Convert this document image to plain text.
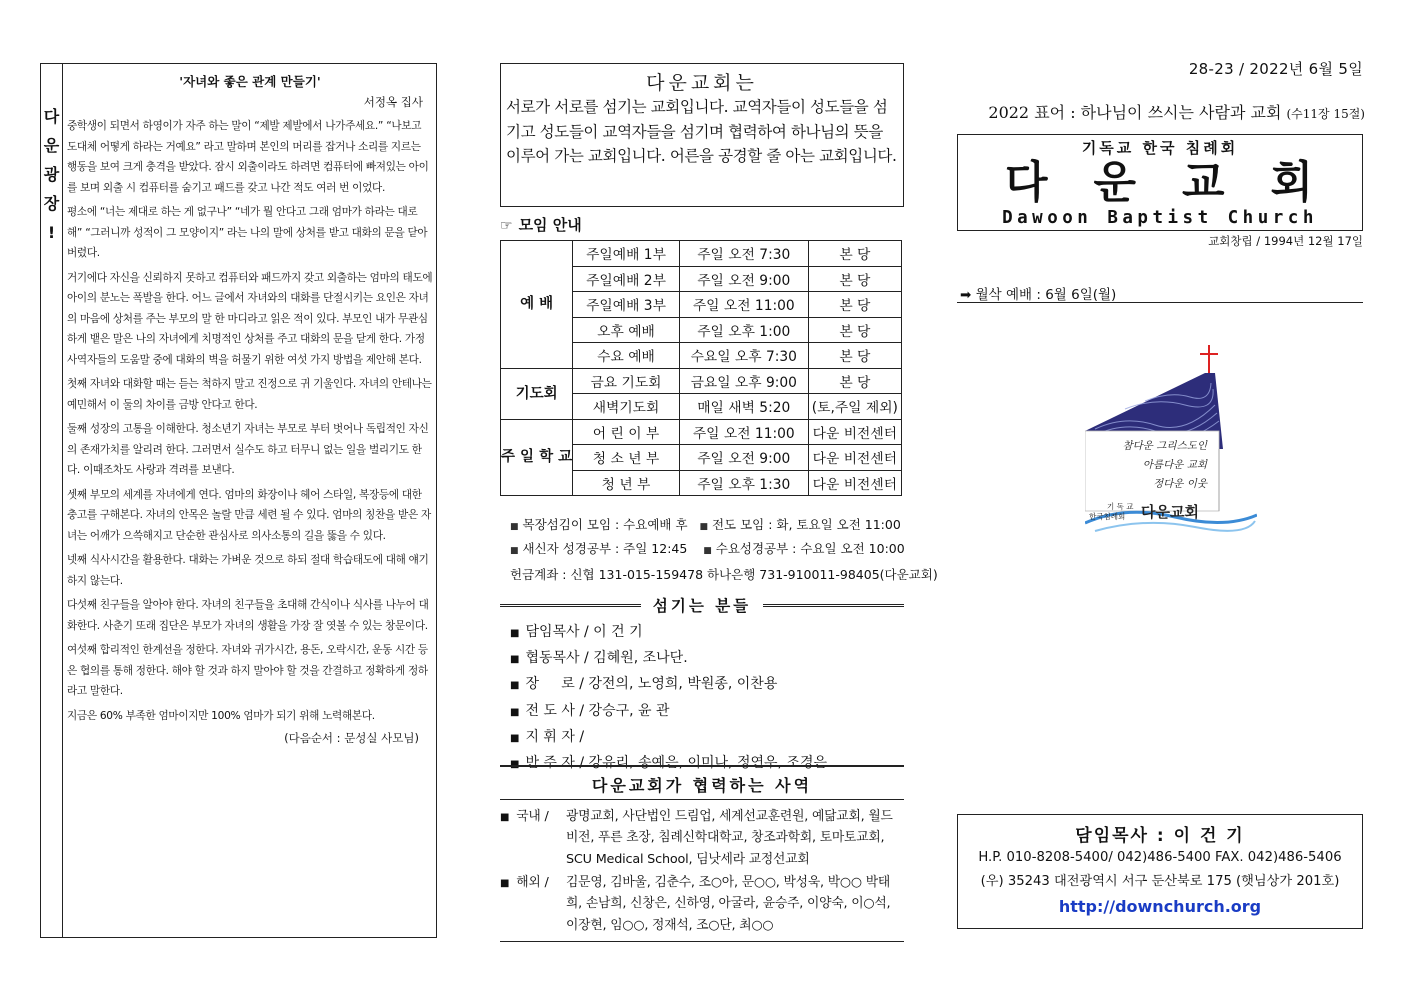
다
운
광
장
!
'자녀와 좋은 관계 만들기'
서정옥 집사

중학생이 되면서 하영이가 자주 하는 말이 “제발 제발에서 나가주세요.” “나보고 도대체 어떻게 하라는 거예요” 라고 말하며 본인의 머리를 잡거나 소리를 지르는 행동을 보여 크게 충격을 받았다. 잠시 외출이라도 하려면 컴퓨터에 빠져있는 아이를 보며 외출 시 컴퓨터를 숨기고 패드를 갖고 나간 적도 여러 번 이었다.

평소에 “너는 제대로 하는 게 없구나” “네가 뭘 안다고 그래 엄마가 하라는 대로 해” “그러니까 성적이 그 모양이지” 라는 나의 말에 상처를 받고 대화의 문을 닫아버렸다.

거기에다 자신을 신뢰하지 못하고 컴퓨터와 패드까지 갖고 외출하는 엄마의 태도에 아이의 분노는 폭발을 한다. 어느 글에서 자녀와의 대화를 단절시키는 요인은 자녀의 마음에 상처를 주는 부모의 말 한 마디라고 읽은 적이 있다. 부모인 내가 무관심하게 뱉은 말은 나의 자녀에게 치명적인 상처를 주고 대화의 문을 닫게 한다. 가정사역자들의 도움말 중에 대화의 벽을 허물기 위한 여섯 가지 방법을 제안해 본다.

첫째 자녀와 대화할 때는 듣는 척하지 말고 진정으로 귀 기울인다. 자녀의 안테나는 예민해서 이 둘의 차이를 금방 안다고 한다.

둘째 성장의 고통을 이해한다. 청소년기 자녀는 부모로 부터 벗어나 독립적인 자신의 존재가치를 알리려 한다. 그러면서 실수도 하고 터무니 없는 일을 벌리기도 한다. 이때조차도 사랑과 격려를 보낸다.

셋째 부모의 세계를 자녀에게 연다. 엄마의 화장이나 헤어 스타일, 복장등에 대한 충고를 구해본다. 자녀의 안목은 놀랄 만큼 세련 될 수 있다. 엄마의 칭찬을 받은 자녀는 어깨가 으쓱해지고 단순한 관심사로 의사소통의 길을 뚫을 수 있다.

넷째 식사시간을 활용한다. 대화는 가벼운 것으로 하되 절대 학습태도에 대해 얘기하지 않는다.

다섯째 친구들을 알아야 한다. 자녀의 친구들을 초대해 간식이나 식사를 나누어 대화한다. 사춘기 또래 집단은 부모가 자녀의 생활을 가장 잘 엿볼 수 있는 창문이다.

여섯째 합리적인 한계선을 정한다. 자녀와 귀가시간, 용돈, 오락시간, 운동 시간 등은 협의를 통해 정한다. 해야 할 것과 하지 말아야 할 것을 간결하고 정확하게 정하라고 말한다.

지금은 60% 부족한 엄마이지만 100% 엄마가 되기 위해 노력해본다.

(다음순서 : 문성실 사모님)
다운교회는
서로가 서로를 섬기는 교회입니다. 교역자들이 성도들을 섬기고 성도들이 교역자들을 섬기며 협력하여 하나님의 뜻을 이루어 가는 교회입니다. 어른을 공경할 줄 아는 교회입니다.
☞ 모임 안내
예 배	주일예배 1부	주일 오전 7:30	본 당
	주일예배 2부	주일 오전 9:00	본 당
	주일예배 3부	주일 오전 11:00	본 당
	오후 예배	주일 오후 1:00	본 당
	수요 예배	수요일 오후 7:30	본 당
기도회	금요 기도회	금요일 오후 9:00	본 당
	새벽기도회	매일 새벽 5:20	(토,주일 제외)
주 일 학 교	어 린 이 부	주일 오전 11:00	다운 비전센터
	청 소 년 부	주일 오전 9:00	다운 비전센터
	청 년 부	주일 오후 1:30	다운 비전센터
■ 목장섬김이 모임 : 수요예배 후 ■ 전도 모임 : 화, 토요일 오전 11:00
■ 새신자 성경공부 : 주일 12:45 ■ 수요성경공부 : 수요일 오전 10:00
헌금계좌 : 신협 131-015-159478 하나은행 731-910011-98405(다운교회)
섬기는 분들
■ 담임목사 / 이 건 기
■ 협동목사 / 김혜원, 조나단.
■ 장     로 / 강전의, 노영희, 박원종, 이찬용
■ 전 도 사 / 강승구, 윤 관
■ 지 휘 자 /
■ 반 주 자 / 강유리, 송예은, 이미나, 정연우, 조경은
다운교회가 협력하는 사역
■ 국내 / 광명교회, 사단법인 드림업, 세계선교훈련원, 예닮교회, 월드비전, 푸른 초장, 침례신학대학교, 창조과학회, 토마토교회, SCU Medical School, 딤낫세라 교정선교회
■ 해외 / 김문영, 김바울, 김춘수, 조○아, 문○○, 박성욱, 박○○ 박태희, 손남희, 신창은, 신하영, 아굴라, 윤승주, 이양숙, 이○석, 이장현, 임○○, 정재석, 조○단, 최○○
28-23 / 2022년 6월 5일
2022 표어 : 하나님이 쓰시는 사람과 교회 (수11장 15절)
기독교 한국 침례회
다운교회
Dawoon Baptist Church
교회창립 / 1994년 12월 17일
➡ 월삭 예배 : 6월 6일(월)
참다운 그리스도인
아름다운 교회
정다운 이웃
기 독 교
한국침례회 다운교회
담임목사 : 이 건 기
H.P. 010-8208-5400/ 042)486-5400 FAX. 042)486-5406
(우) 35243 대전광역시 서구 둔산북로 175 (햇님상가 201호)
http://downchurch.org
